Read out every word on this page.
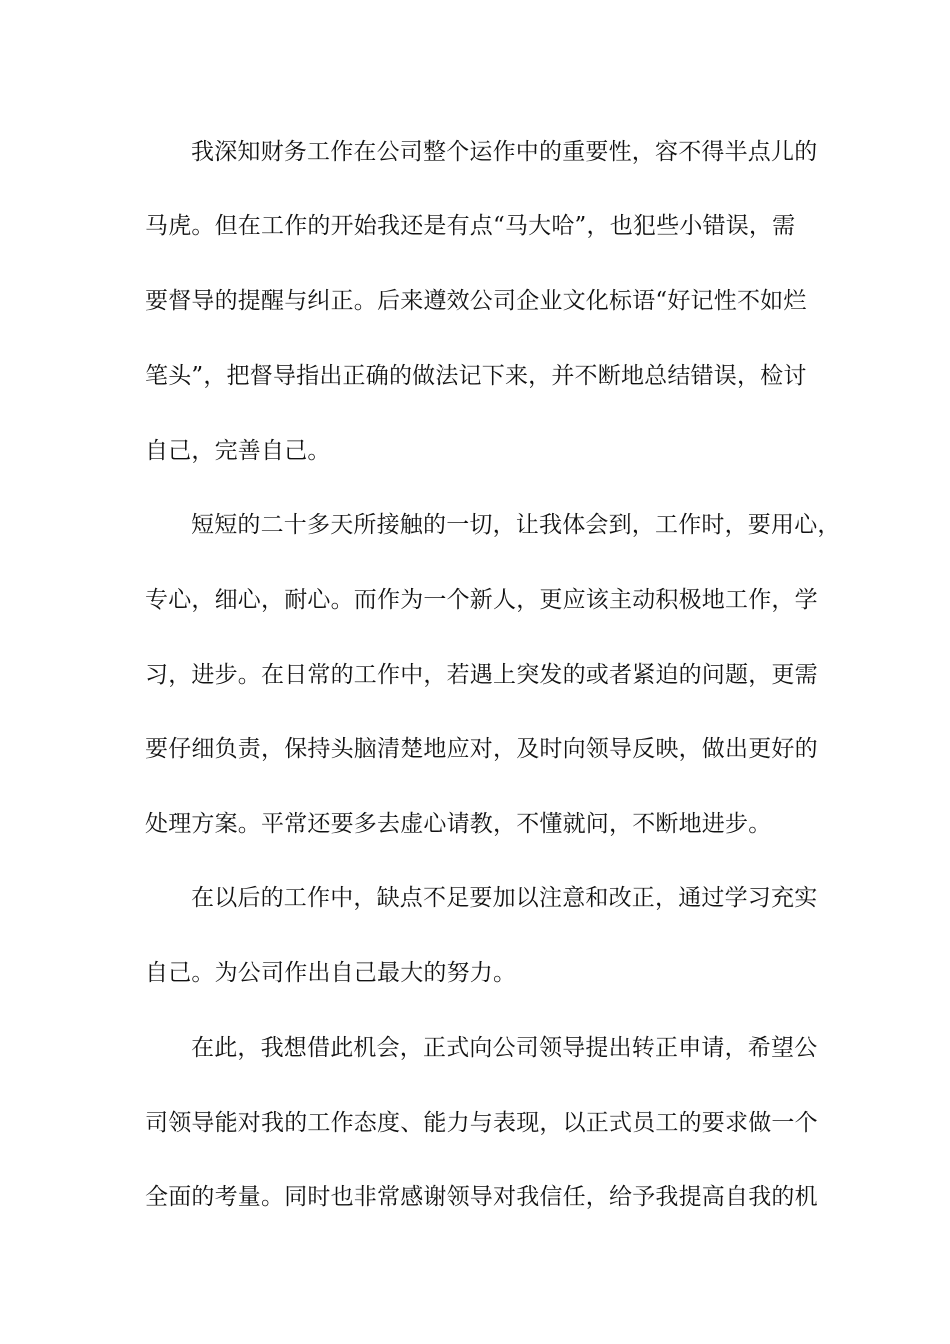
我深知财务工作在公司整个运作中的重要性，容不得半点儿的
马虎。但在工作的开始我还是有点“马大哈”，也犯些小错误，需
要督导的提醒与纠正。后来遵效公司企业文化标语“好记性不如烂
笔头”，把督导指出正确的做法记下来，并不断地总结错误，检讨
自己，完善自己。
短短的二十多天所接触的一切，让我体会到，工作时，要用心，
专心，细心，耐心。而作为一个新人，更应该主动积极地工作，学
习，进步。在日常的工作中，若遇上突发的或者紧迫的问题，更需
要仔细负责，保持头脑清楚地应对，及时向领导反映，做出更好的
处理方案。平常还要多去虚心请教，不懂就问，不断地进步。
在以后的工作中，缺点不足要加以注意和改正，通过学习充实
自己。为公司作出自己最大的努力。
在此，我想借此机会，正式向公司领导提出转正申请，希望公
司领导能对我的工作态度、能力与表现，以正式员工的要求做一个
全面的考量。同时也非常感谢领导对我信任，给予我提高自我的机
